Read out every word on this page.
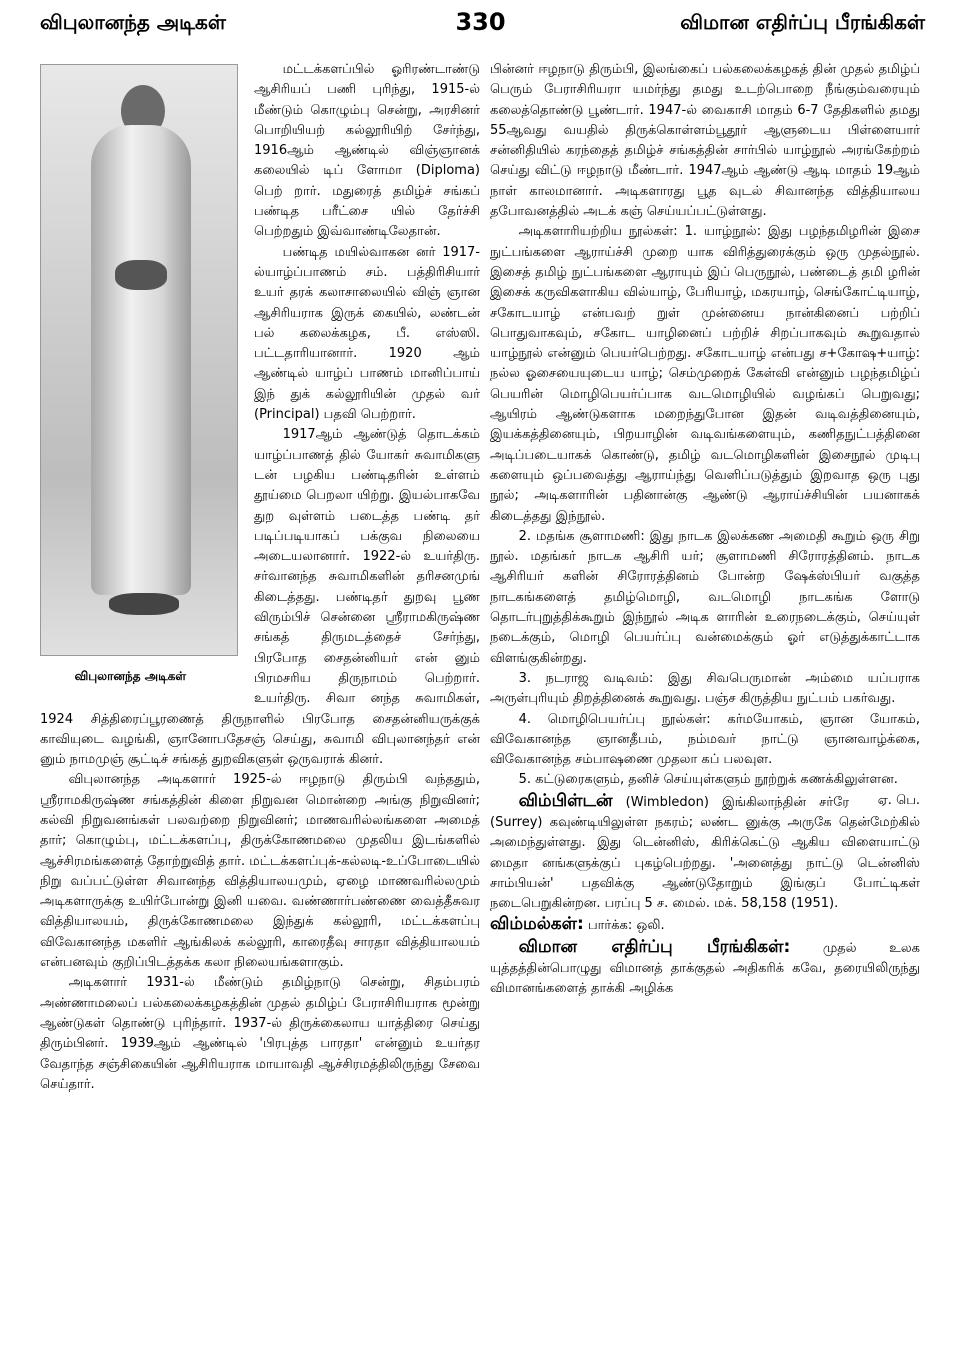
விபுலானந்த அடிகள்	330	விமான எதிர்ப்பு பீரங்கிகள்

விபுலானந்த அடிகள்
மட்டக்களப்பில் ஓரிரண்டாண்டு ஆசிரியப் பணி புரிந்து, 1915-ல் மீண்டும் கொழும்பு சென்று, அரசினர் பொறியியற் கல்லூரியிற் சேர்ந்து, 1916ஆம் ஆண்டில் விஞ்ஞானக் கலையில் டிப் ளோமா (Diploma) பெற் றார். மதுரைத் தமிழ்ச் சங்கப் பண்டித பரீட்சை யில் தேர்ச்சி பெற்றதும் இவ்வாண்டிலேதான்.

பண்டித மயில்வாகன னர் 1917-ல்யாழ்ப்பாணம் சம். பத்திரிசியார் உயர் தரக் கலாசாலையில் விஞ் ஞான ஆசிரியராக இருக் கையில், லண்டன் பல் கலைக்கழக, பீ. எஸ்ஸி. பட்டதாரியானார். 1920 ஆம் ஆண்டில் யாழ்ப் பாணம் மானிப்பாய் இந் துக் கல்லூரியின் முதல் வர் (Principal) பதவி பெற்றார்.

1917ஆம் ஆண்டுத் தொடக்கம் யாழ்ப்பாணத் தில் யோகர் சுவாமிகளு டன் பழகிய பண்டிதரின் உள்ளம் தூய்மை பெறலா யிற்று. இயல்பாகவே துற வுள்ளம் படைத்த பண்டி தர் படிப்படியாகப் பக்குவ நிலையை அடையலானார். 1922-ல் உயர்திரு. சர்வானந்த சுவாமிகளின் தரிசனமுங் கிடைத்தது. பண்டிதர் துறவு பூண விரும்பிச் சென்னை ஸ்ரீராமகிருஷ்ண சங்கத் திருமடத்தைச் சேர்ந்து, பிரபோத சைதன்னியர் என் னும் பிரமசரிய திருநாமம் பெற்றார். உயர்திரு. சிவா னந்த சுவாமிகள், 1924 சித்திரைப்பூரணைத் திருநாளில் பிரபோத சைதன்னியருக்குக் காவியுடை வழங்கி, ஞானோபதேசஞ் செய்து, சுவாமி விபுலானந்தர் என் னும் நாமமுஞ் சூட்டிச் சங்கத் துறவிகளுள் ஒருவராக் கினர்.

விபுலானந்த அடிகளார் 1925-ல் ஈழநாடு திரும்பி வந்ததும், ஸ்ரீராமகிருஷ்ண சங்கத்தின் கிளை நிறுவன மொன்றை அங்கு நிறுவினர்; கல்வி நிறுவனங்கள் பலவற்றை நிறுவினர்; மாணவரில்லங்களை அமைத் தார்; கொழும்பு, மட்டக்களப்பு, திருக்கோணமலை முதலிய இடங்களில் ஆச்சிரமங்களைத் தோற்றுவித் தார். மட்டக்களப்புக்-கல்லடி-உப்போடையில் நிறு வப்பட்டுள்ள சிவானந்த வித்தியாலயமும், ஏழை மாணவரில்லமும் அடிகளாருக்கு உயிர்போன்று இனி யவை. வண்ணார்பண்ணை வைத்தீசுவர வித்தியாலயம், திருக்கோணமலை இந்துக் கல்லூரி, மட்டக்களப்பு விவேகானந்த மகளிர் ஆங்கிலக் கல்லூரி, காரைதீவு சாரதா வித்தியாலயம் என்பனவும் குறிப்பிடத்தக்க கலா நிலையங்களாகும்.

அடிகளார் 1931-ல் மீண்டும் தமிழ்நாடு சென்று, சிதம்பரம் அண்ணாமலைப் பல்கலைக்கழகத்தின் முதல் தமிழ்ப் பேராசிரியராக மூன்று ஆண்டுகள் தொண்டு புரிந்தார். 1937-ல் திருக்கைலாய யாத்திரை செய்து திரும்பினர். 1939ஆம் ஆண்டில் 'பிரபுத்த பாரதா' என்னும் உயர்தர வேதாந்த சஞ்சிகையின் ஆசிரியராக மாயாவதி ஆச்சிரமத்திலிருந்து சேவை செய்தார்.

பின்னர் ஈழநாடு திரும்பி, இலங்கைப் பல்கலைக்கழகத் தின் முதல் தமிழ்ப் பெரும் பேராசிரியரா யமர்ந்து தமது உடற்பொறை நீங்கும்வரையும் கலைத்தொண்டு பூண்டார். 1947-ல் வைகாசி மாதம் 6-7 தேதிகளில் தமது 55ஆவது வயதில் திருக்கொள்ளம்பூதூர் ஆளுடைய பிள்ளையார் சன்னிதியில் கரந்தைத் தமிழ்ச் சங்கத்தின் சார்பில் யாழ்நூல் அரங்கேற்றம் செய்து விட்டு ஈழநாடு மீண்டார். 1947ஆம் ஆண்டு ஆடி மாதம் 19ஆம் நாள் காலமானார். அடிகளாரது பூத வுடல் சிவானந்த வித்தியாலய தபோவனத்தில் அடக் கஞ் செய்யப்பட்டுள்ளது.

அடிகளாரியற்றிய நூல்கள்: 1. யாழ்நூல்: இது பழந்தமிழரின் இசை நுட்பங்களை ஆராய்ச்சி முறை யாக விரித்துரைக்கும் ஒரு முதல்நூல். இசைத் தமிழ் நுட்பங்களை ஆராயும் இப் பெருநூல், பண்டைத் தமி ழரின் இசைக் கருவிகளாகிய வில்யாழ், பேரியாழ், மகரயாழ், செங்கோட்டியாழ், சகோடயாழ் என்பவற் றுள் முன்னைய நான்கினைப் பற்றிப் பொதுவாகவும், சகோட யாழினைப் பற்றிச் சிறப்பாகவும் கூறுவதால் யாழ்நூல் என்னும் பெயர்பெற்றது. சகோடயாழ் என்பது ச+கோஷ+யாழ்: நல்ல ஓசையையுடைய யாழ்; செம்முறைக் கேள்வி என்னும் பழந்தமிழ்ப் பெயரின் மொழிபெயர்ப்பாக வடமொழியில் வழங்கப் பெறுவது; ஆயிரம் ஆண்டுகளாக மறைந்துபோன இதன் வடிவத்தினையும், இயக்கத்தினையும், பிறயாழின் வடிவங்களையும், கணிதநுட்பத்தினை அடிப்படையாகக் கொண்டு, தமிழ் வடமொழிகளின் இசைநூல் முடிபு களையும் ஒப்பவைத்து ஆராய்ந்து வெளிப்படுத்தும் இறவாத ஒரு புது நூல்; அடிகளாரின் பதினான்கு ஆண்டு ஆராய்ச்சியின் பயனாகக் கிடைத்தது இந்நூல்.

2. மதங்க சூளாமணி: இது நாடக இலக்கண அமைதி கூறும் ஒரு சிறு நூல். மதங்கர் நாடக ஆசிரி யர்; சூளாமணி சிரோரத்தினம். நாடக ஆசிரியர் களின் சிரோரத்தினம் போன்ற ஷேக்ஸ்பியர் வகுத்த நாடகங்களைத் தமிழ்மொழி, வடமொழி நாடகங்க ளோடு தொடர்புறுத்திக்கூறும் இந்நூல் அடிக ளாரின் உரைநடைக்கும், செய்யுள் நடைக்கும், மொழி பெயர்ப்பு வன்மைக்கும் ஓர் எடுத்துக்காட்டாக விளங்குகின்றது.

3. நடராஜ வடிவம்: இது சிவபெருமான் அம்மை யப்பராக அருள்புரியும் திறத்தினைக் கூறுவது. பஞ்ச கிருத்திய நுட்பம் பகர்வது.

4. மொழிபெயர்ப்பு நூல்கள்: கர்மயோகம், ஞான யோகம், விவேகானந்த ஞானதீபம், நம்மவர் நாட்டு ஞானவாழ்க்கை, விவேகானந்த சம்பாஷணை முதலா கப் பலவுள.

5. கட்டுரைகளும், தனிச் செய்யுள்களும் நூற்றுக் கணக்கிலுள்ளன.
ஏ. பெ.

விம்பிள்டன் (Wimbledon) இங்கிலாந்தின் சர்ரே (Surrey) கவுண்டியிலுள்ள நகரம்; லண்ட னுக்கு அருகே தென்மேற்கில் அமைந்துள்ளது. இது டென்னிஸ், கிரிக்கெட்டு ஆகிய விளையாட்டு மைதா னங்களுக்குப் புகழ்பெற்றது. 'அனைத்து நாட்டு டென்னிஸ் சாம்பியன்' பதவிக்கு ஆண்டுதோறும் இங்குப் போட்டிகள் நடைபெறுகின்றன. பரப்பு 5 ச. மைல். மக். 58,158 (1951).

விம்மல்கள்: பார்க்க: ஒலி.

விமான எதிர்ப்பு பீரங்கிகள்:	முதல் உலக யுத்தத்தின்பொழுது விமானத் தாக்குதல் அதிகரிக் கவே, தரையிலிருந்து விமானங்களைத் தாக்கி அழிக்க
